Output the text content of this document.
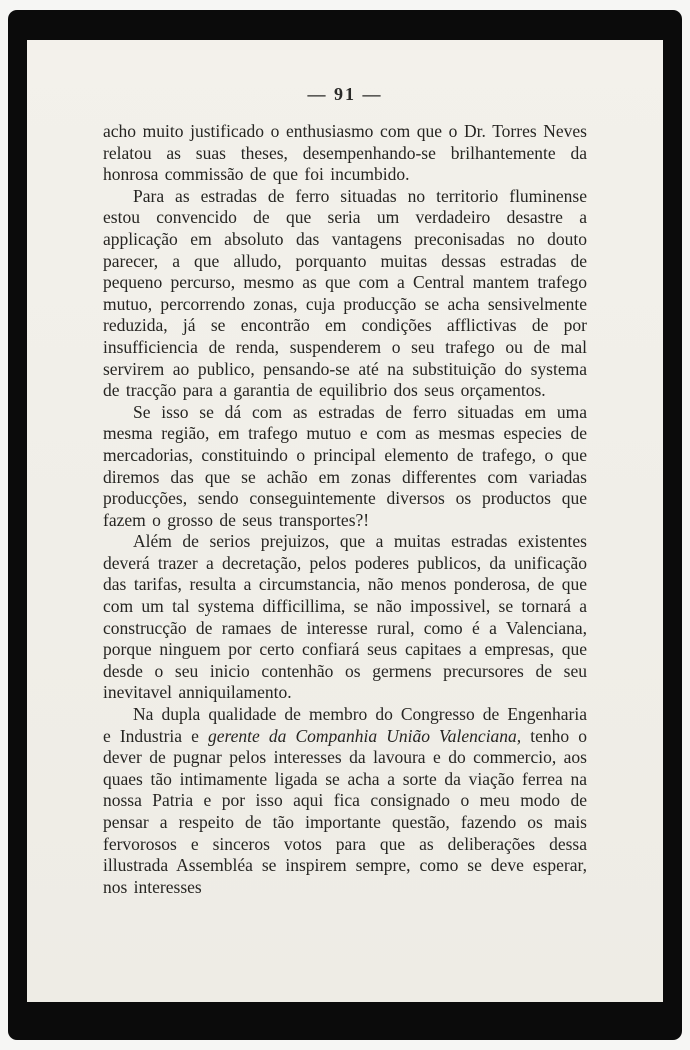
— 91 —

acho muito justificado o enthusiasmo com que o Dr. Torres Neves relatou as suas theses, desempenhando-se brilhantemente da honrosa commissão de que foi incumbido.

Para as estradas de ferro situadas no territorio fluminense estou convencido de que seria um verdadeiro desastre a applicação em absoluto das vantagens preconisadas no douto parecer, a que alludo, porquanto muitas dessas estradas de pequeno percurso, mesmo as que com a Central mantem trafego mutuo, percorrendo zonas, cuja producção se acha sensivelmente reduzida, já se encontrão em condições afflictivas de por insufficiencia de renda, suspenderem o seu trafego ou de mal servirem ao publico, pensando-se até na substituição do systema de tracção para a garantia de equilibrio dos seus orçamentos.

Se isso se dá com as estradas de ferro situadas em uma mesma região, em trafego mutuo e com as mesmas especies de mercadorias, constituindo o principal elemento de trafego, o que diremos das que se achão em zonas differentes com variadas producções, sendo conseguintemente diversos os productos que fazem o grosso de seus transportes?!

Além de serios prejuizos, que a muitas estradas existentes deverá trazer a decretação, pelos poderes publicos, da unificação das tarifas, resulta a circumstancia, não menos ponderosa, de que com um tal systema difficillima, se não impossivel, se tornará a construcção de ramaes de interesse rural, como é a Valenciana, porque ninguem por certo confiará seus capitaes a empresas, que desde o seu inicio contenhão os germens precursores de seu inevitavel anniquilamento.

Na dupla qualidade de membro do Congresso de Engenharia e Industria e gerente da Companhia União Valenciana, tenho o dever de pugnar pelos interesses da lavoura e do commercio, aos quaes tão intimamente ligada se acha a sorte da viação ferrea na nossa Patria e por isso aqui fica consignado o meu modo de pensar a respeito de tão importante questão, fazendo os mais fervorosos e sinceros votos para que as deliberações dessa illustrada Assembléa se inspirem sempre, como se deve esperar, nos interesses
